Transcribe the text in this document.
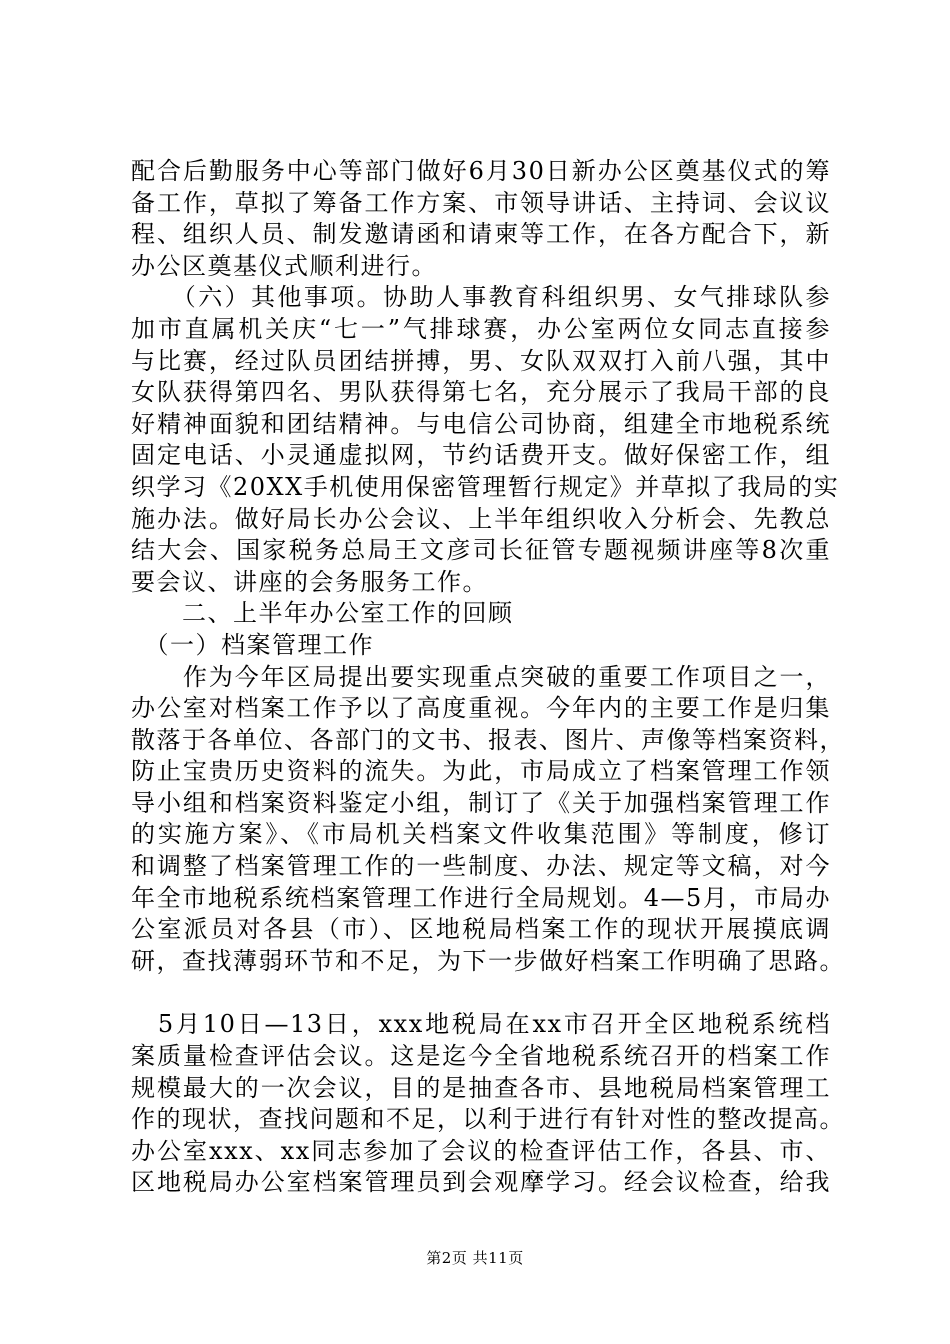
配合后勤服务中心等部门做好6月30日新办公区奠基仪式的筹
备工作，草拟了筹备工作方案、市领导讲话、主持词、会议议
程、组织人员、制发邀请函和请柬等工作，在各方配合下，新
办公区奠基仪式顺利进行。
　　（六）其他事项。协助人事教育科组织男、女气排球队参
加市直属机关庆“七一”气排球赛，办公室两位女同志直接参
与比赛，经过队员团结拼搏，男、女队双双打入前八强，其中
女队获得第四名、男队获得第七名，充分展示了我局干部的良
好精神面貌和团结精神。与电信公司协商，组建全市地税系统
固定电话、小灵通虚拟网，节约话费开支。做好保密工作，组
织学习《20XX手机使用保密管理暂行规定》并草拟了我局的实
施办法。做好局长办公会议、上半年组织收入分析会、先教总
结大会、国家税务总局王文彦司长征管专题视频讲座等8次重
要会议、讲座的会务服务工作。
　　二、上半年办公室工作的回顾
　（一）档案管理工作
　　作为今年区局提出要实现重点突破的重要工作项目之一，
办公室对档案工作予以了高度重视。今年内的主要工作是归集
散落于各单位、各部门的文书、报表、图片、声像等档案资料，
防止宝贵历史资料的流失。为此，市局成立了档案管理工作领
导小组和档案资料鉴定小组，制订了《关于加强档案管理工作
的实施方案》、《市局机关档案文件收集范围》等制度，修订
和调整了档案管理工作的一些制度、办法、规定等文稿，对今
年全市地税系统档案管理工作进行全局规划。4—5月，市局办
公室派员对各县（市）、区地税局档案工作的现状开展摸底调
研，查找薄弱环节和不足，为下一步做好档案工作明确了思路。
　5月10日—13日，xxx地税局在xx市召开全区地税系统档
案质量检查评估会议。这是迄今全省地税系统召开的档案工作
规模最大的一次会议，目的是抽查各市、县地税局档案管理工
作的现状，查找问题和不足，以利于进行有针对性的整改提高。
办公室xxx、xx同志参加了会议的检查评估工作，各县、市、
区地税局办公室档案管理员到会观摩学习。经会议检查，给我
第2页 共11页
